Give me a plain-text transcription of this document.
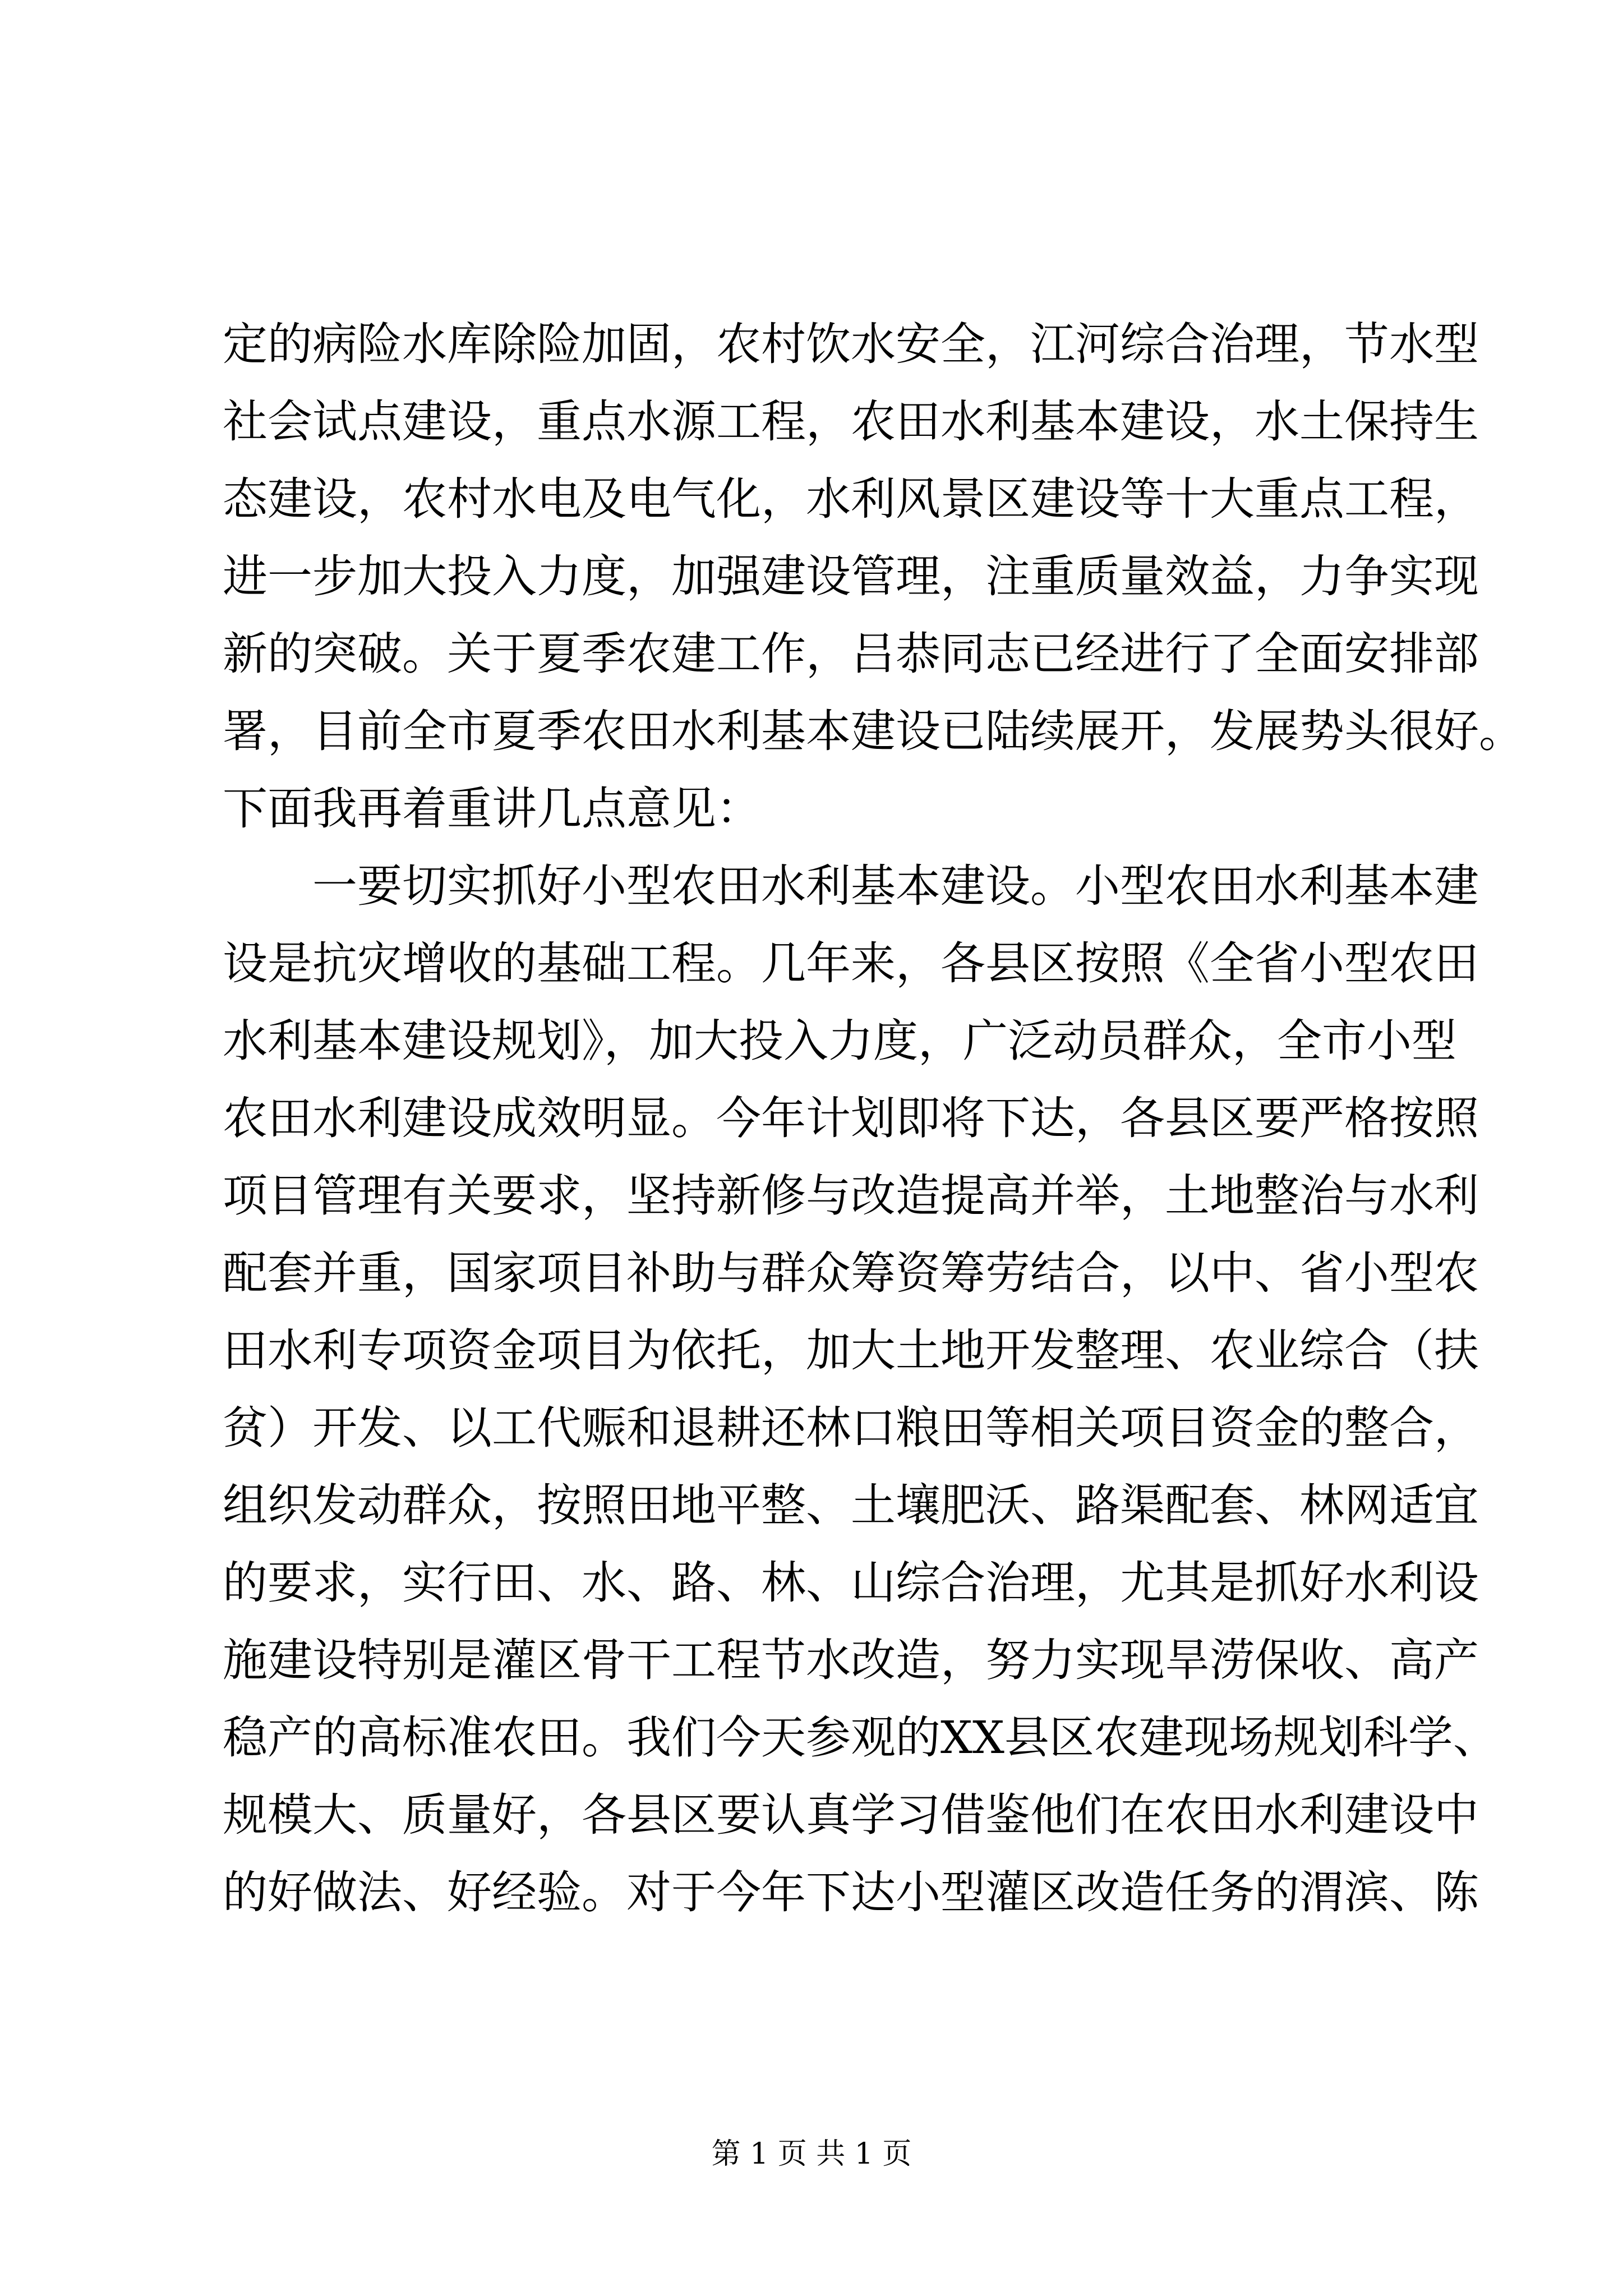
定的病险水库除险加固，农村饮水安全，江河综合治理，节水型
社会试点建设，重点水源工程，农田水利基本建设，水土保持生
态建设，农村水电及电气化，水利风景区建设等十大重点工程，
进一步加大投入力度，加强建设管理，注重质量效益，力争实现
新的突破。关于夏季农建工作，吕恭同志已经进行了全面安排部
署，目前全市夏季农田水利基本建设已陆续展开，发展势头很好。
下面我再着重讲几点意见：
一要切实抓好小型农田水利基本建设。小型农田水利基本建
设是抗灾增收的基础工程。几年来，各县区按照《全省小型农田
水利基本建设规划》，加大投入力度，广泛动员群众，全市小型
农田水利建设成效明显。今年计划即将下达，各县区要严格按照
项目管理有关要求，坚持新修与改造提高并举，土地整治与水利
配套并重，国家项目补助与群众筹资筹劳结合，以中、省小型农
田水利专项资金项目为依托，加大土地开发整理、农业综合（扶
贫）开发、以工代赈和退耕还林口粮田等相关项目资金的整合，
组织发动群众，按照田地平整、土壤肥沃、路渠配套、林网适宜
的要求，实行田、水、路、林、山综合治理，尤其是抓好水利设
施建设特别是灌区骨干工程节水改造，努力实现旱涝保收、高产
稳产的高标准农田。我们今天参观的XX县区农建现场规划科学、
规模大、质量好，各县区要认真学习借鉴他们在农田水利建设中
的好做法、好经验。对于今年下达小型灌区改造任务的渭滨、陈
第 1 页 共 1 页
